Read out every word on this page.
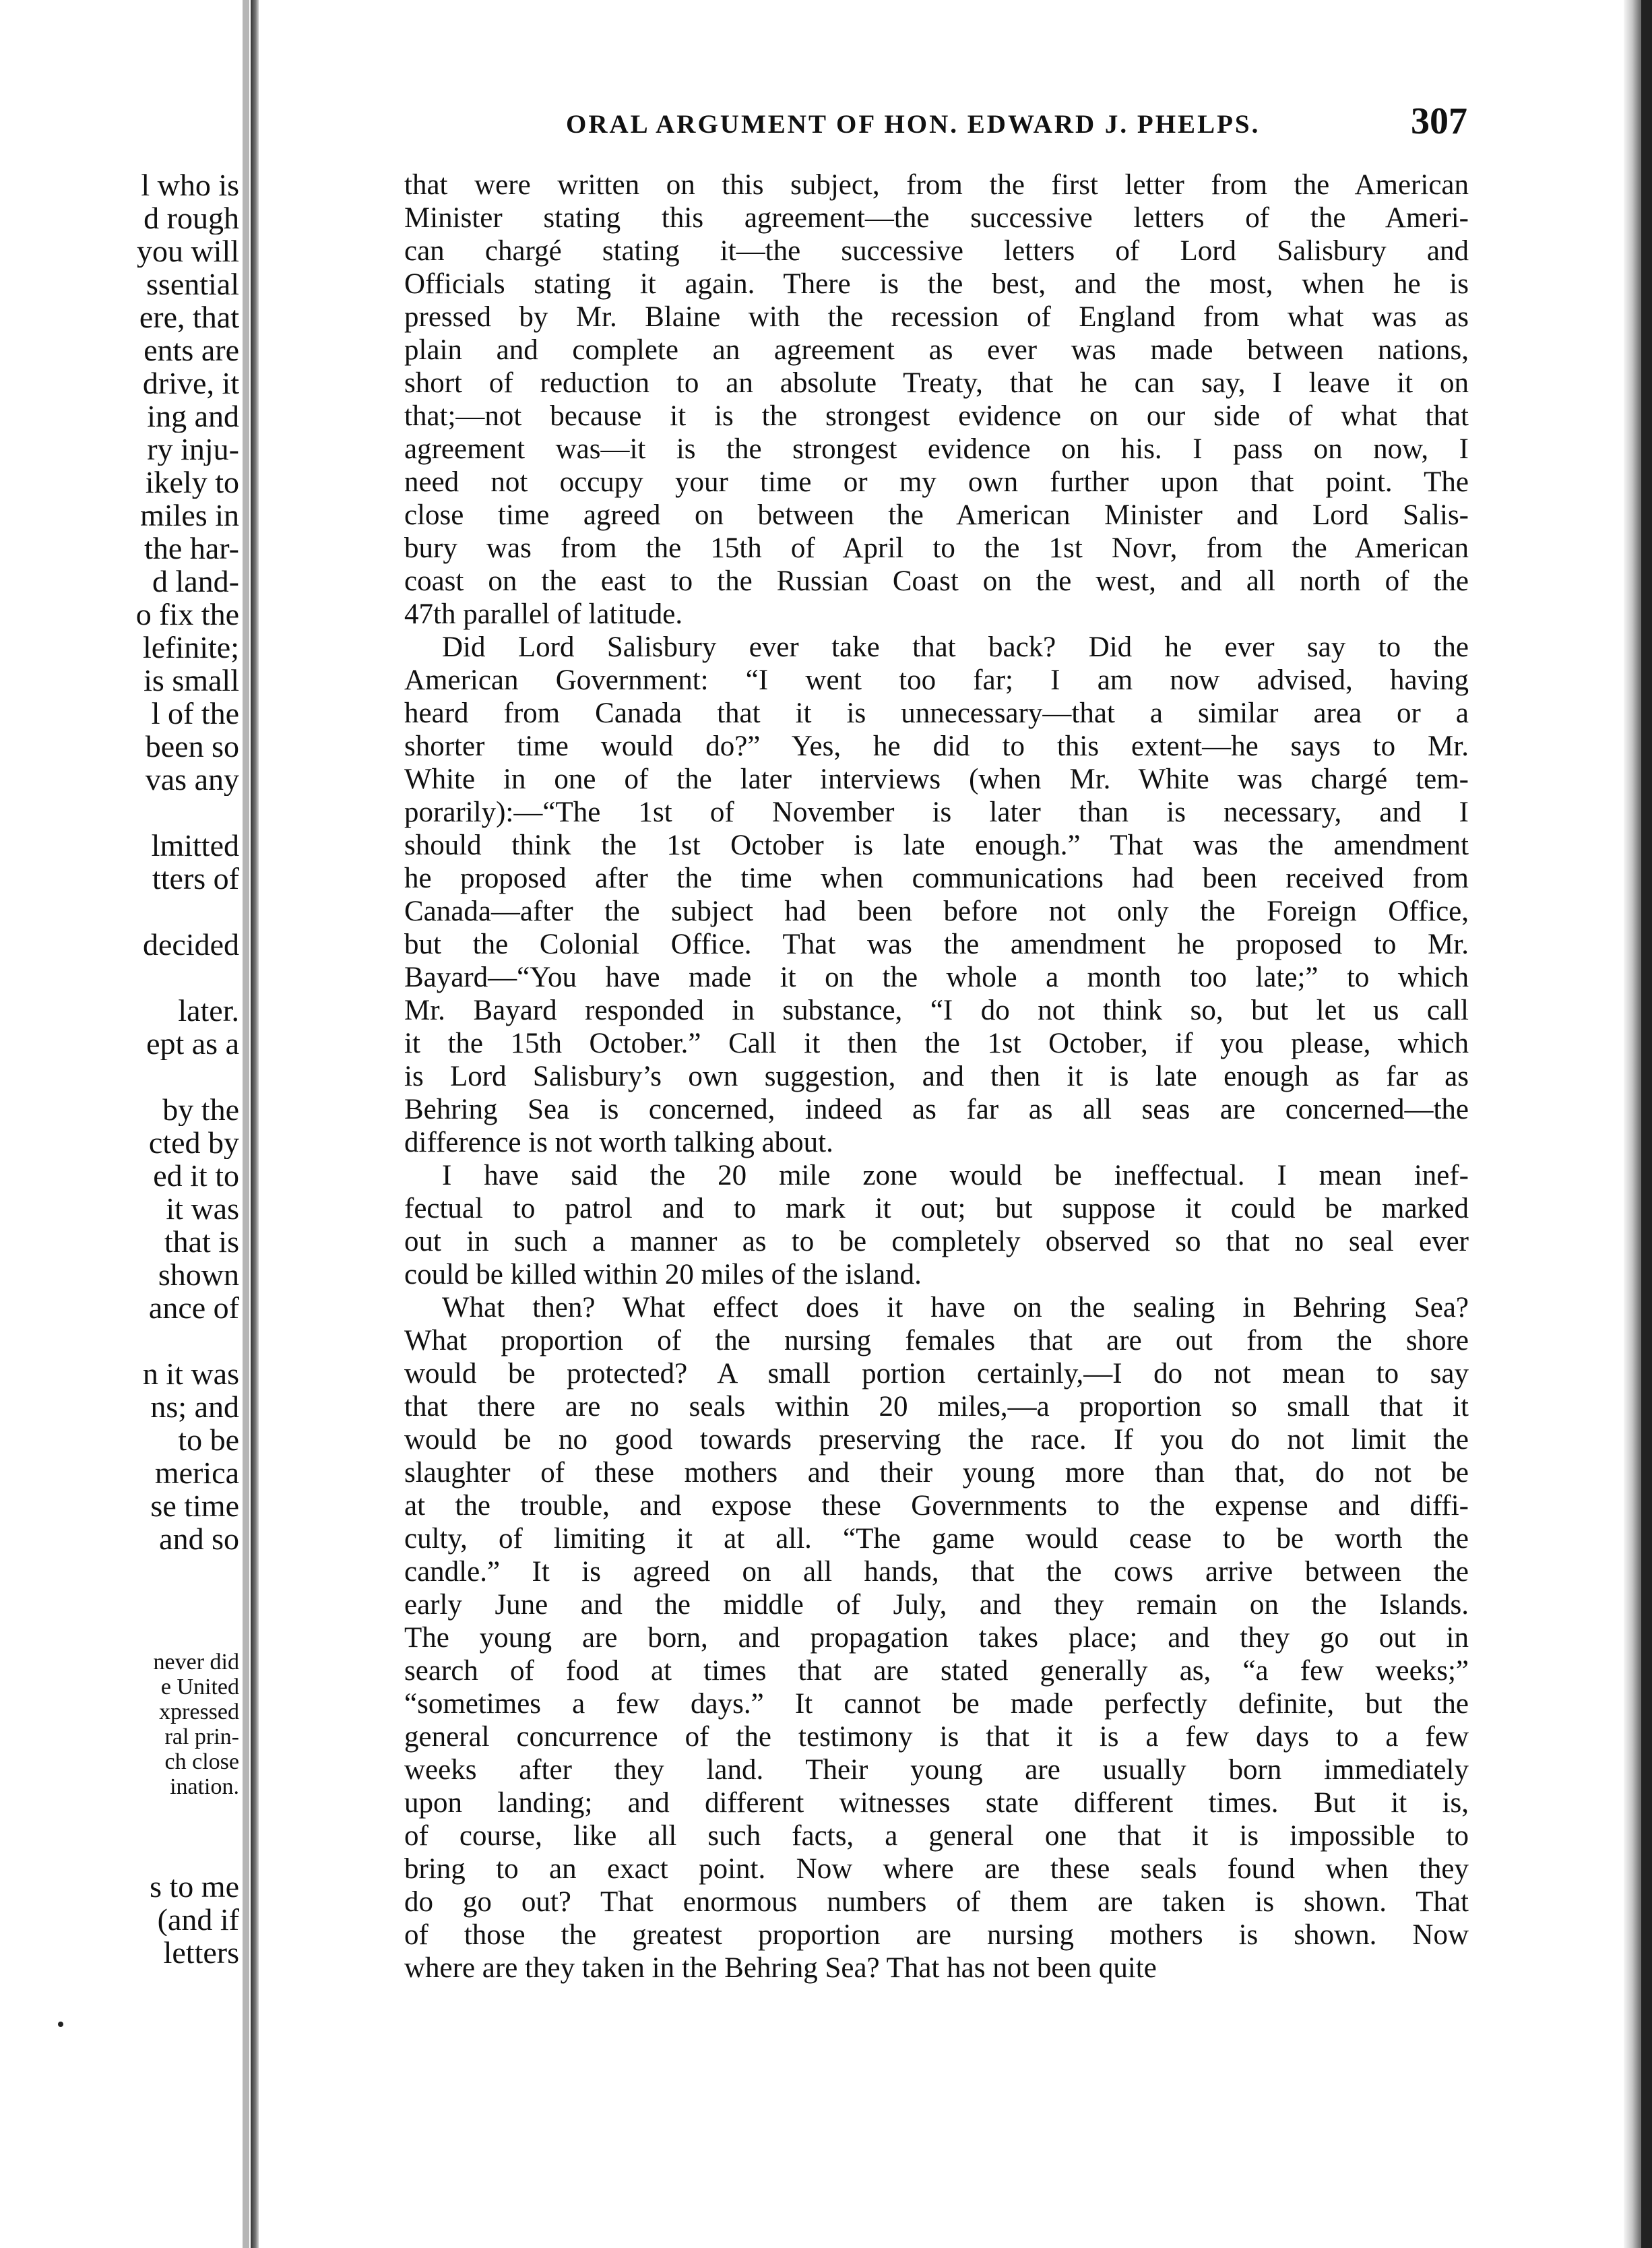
l who is
d rough
you will
ssential
ere, that
ents are
drive, it
ing and
ry inju-
ikely to
miles in
the har-
d land-
o fix the
lefinite;
is small
l of the
been so
vas any
lmitted
tters of
decided
later.
ept as a
by the
cted by
ed it to
it was
that is
shown
ance of
n it was
ns; and
to be
merica
se time
and so
never did
e United
xpressed
ral prin-
ch close
ination.
s to me
(and if
letters
ORAL ARGUMENT OF HON. EDWARD J. PHELPS.	307
that were written on this subject, from the first letter from the American
Minister stating this agreement—the successive letters of the Ameri-
can chargé stating it—the successive letters of Lord Salisbury and
Officials stating it again. There is the best, and the most, when he is
pressed by Mr. Blaine with the recession of England from what was as
plain and complete an agreement as ever was made between nations,
short of reduction to an absolute Treaty, that he can say, I leave it on
that;—not because it is the strongest evidence on our side of what that
agreement was—it is the strongest evidence on his. I pass on now, I
need not occupy your time or my own further upon that point. The
close time agreed on between the American Minister and Lord Salis-
bury was from the 15th of April to the 1st Novr, from the American
coast on the east to the Russian Coast on the west, and all north of the
47th parallel of latitude.
Did Lord Salisbury ever take that back? Did he ever say to the
American Government: “I went too far; I am now advised, having
heard from Canada that it is unnecessary—that a similar area or a
shorter time would do?” Yes, he did to this extent—he says to Mr.
White in one of the later interviews (when Mr. White was chargé tem-
porarily):—“The 1st of November is later than is necessary, and I
should think the 1st October is late enough.” That was the amendment
he proposed after the time when communications had been received from
Canada—after the subject had been before not only the Foreign Office,
but the Colonial Office. That was the amendment he proposed to Mr.
Bayard—“You have made it on the whole a month too late;” to which
Mr. Bayard responded in substance, “I do not think so, but let us call
it the 15th October.” Call it then the 1st October, if you please, which
is Lord Salisbury’s own suggestion, and then it is late enough as far as
Behring Sea is concerned, indeed as far as all seas are concerned—the
difference is not worth talking about.
I have said the 20 mile zone would be ineffectual. I mean inef-
fectual to patrol and to mark it out; but suppose it could be marked
out in such a manner as to be completely observed so that no seal ever
could be killed within 20 miles of the island.
What then? What effect does it have on the sealing in Behring Sea?
What proportion of the nursing females that are out from the shore
would be protected? A small portion certainly,—I do not mean to say
that there are no seals within 20 miles,—a proportion so small that it
would be no good towards preserving the race. If you do not limit the
slaughter of these mothers and their young more than that, do not be
at the trouble, and expose these Governments to the expense and diffi-
culty, of limiting it at all. “The game would cease to be worth the
candle.” It is agreed on all hands, that the cows arrive between the
early June and the middle of July, and they remain on the Islands.
The young are born, and propagation takes place; and they go out in
search of food at times that are stated generally as, “a few weeks;”
“sometimes a few days.” It cannot be made perfectly definite, but the
general concurrence of the testimony is that it is a few days to a few
weeks after they land. Their young are usually born immediately
upon landing; and different witnesses state different times. But it is,
of course, like all such facts, a general one that it is impossible to
bring to an exact point. Now where are these seals found when they
do go out? That enormous numbers of them are taken is shown. That
of those the greatest proportion are nursing mothers is shown. Now
where are they taken in the Behring Sea? That has not been quite
